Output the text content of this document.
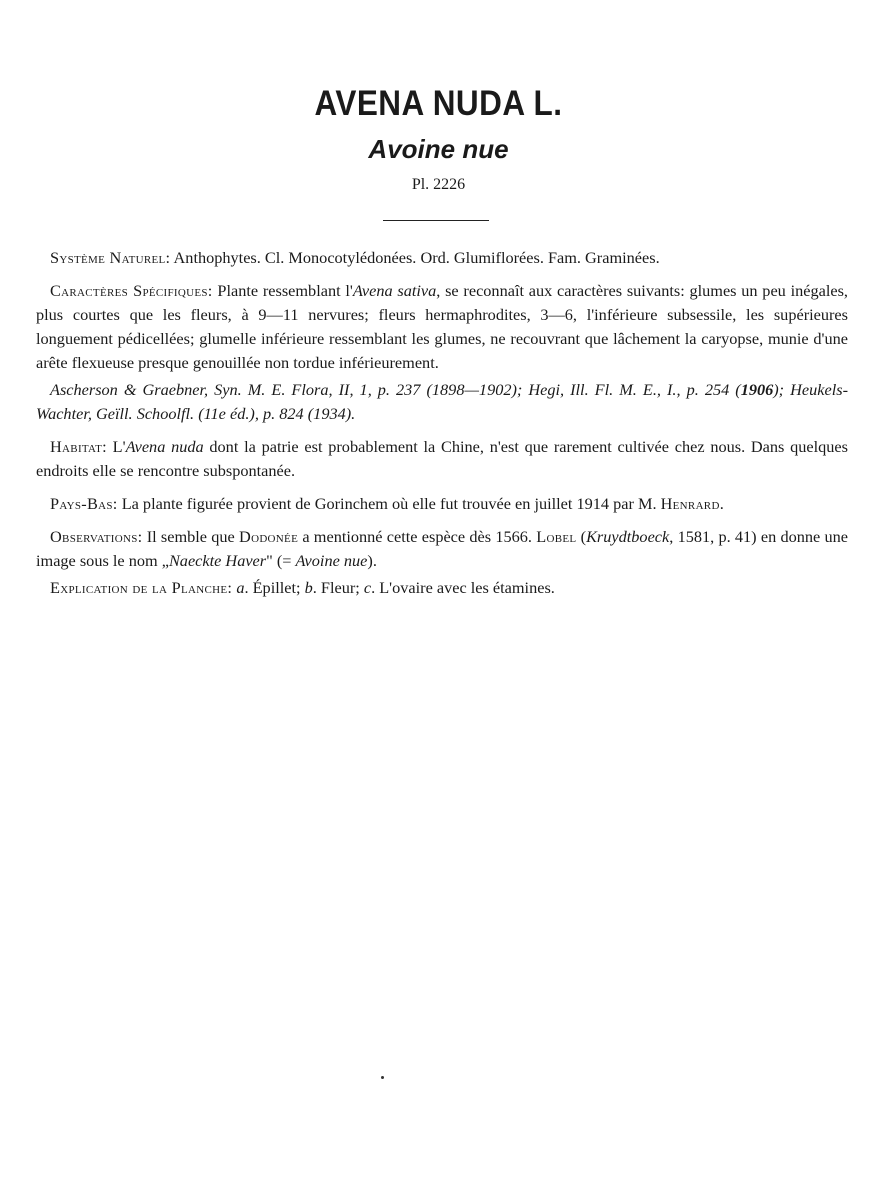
AVENA NUDA L.
Avoine nue

Pl. 2226

Système Naturel: Anthophytes. Cl. Monocotylédonées. Ord. Glumiflorées. Fam. Graminées.

Caractères Spécifiques: Plante ressemblant l'Avena sativa, se reconnaît aux caractères suivants: glumes un peu inégales, plus courtes que les fleurs, à 9—11 nervures; fleurs hermaphrodites, 3—6, l'inférieure subsessile, les supérieures longuement pédicellées; glumelle inférieure ressemblant les glumes, ne recouvrant que lâchement la caryopse, munie d'une arête flexueuse presque genouillée non tordue inférieurement.

Ascherson & Graebner, Syn. M. E. Flora, II, 1, p. 237 (1898—1902); Hegi, Ill. Fl. M. E., I., p. 254 (1906); Heukels-Wachter, Geïll. Schoolfl. (11e éd.), p. 824 (1934).

Habitat: L'Avena nuda dont la patrie est probablement la Chine, n'est que rarement cultivée chez nous. Dans quelques endroits elle se rencontre subspontanée.

Pays-Bas: La plante figurée provient de Gorinchem où elle fut trouvée en juillet 1914 par M. Henrard.

Observations: Il semble que Dodonée a mentionné cette espèce dès 1566. Lobel (Kruydtboeck, 1581, p. 41) en donne une image sous le nom „Naeckte Haver" (= Avoine nue).

Explication de la Planche: a. Épillet; b. Fleur; c. L'ovaire avec les étamines.
